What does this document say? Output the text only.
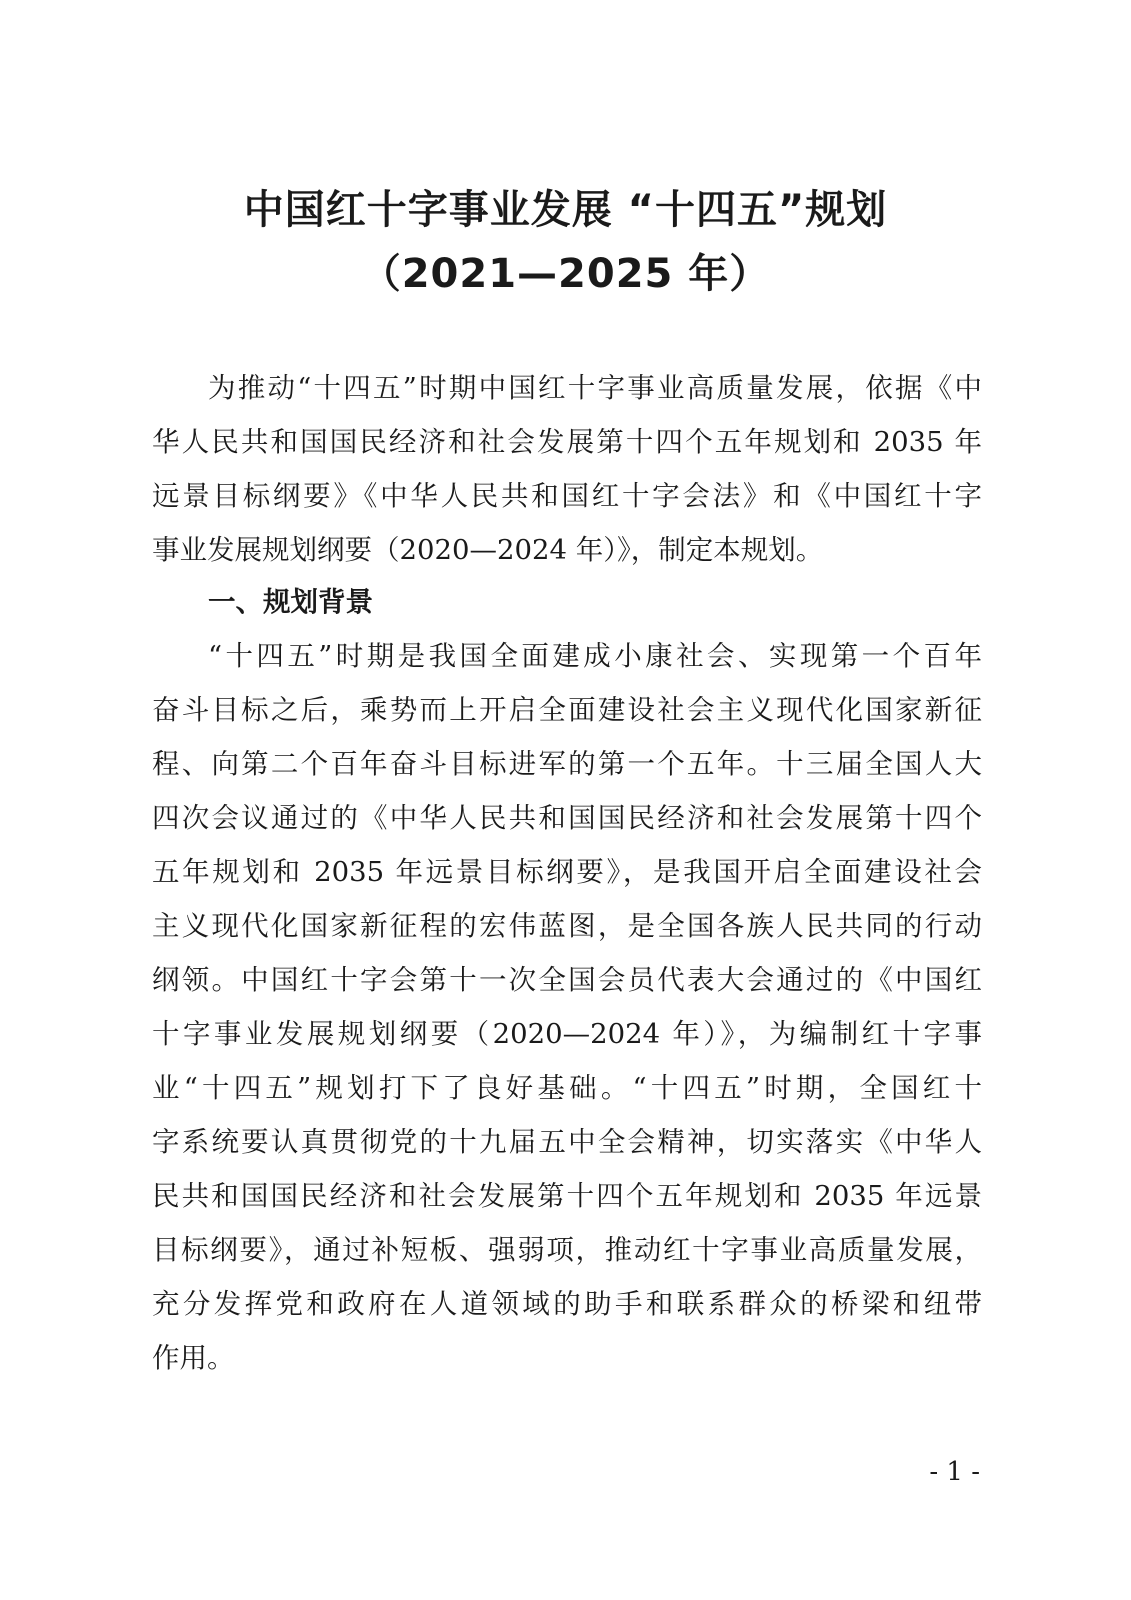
中国红十字事业发展 “十四五”规划
（2021—2025 年）
为推动“十四五”时期中国红十字事业高质量发展，依据《中
华人民共和国国民经济和社会发展第十四个五年规划和 2035 年
远景目标纲要》《中华人民共和国红十字会法》和《中国红十字
事业发展规划纲要（2020—2024 年）》，制定本规划。
一、规划背景
“十四五”时期是我国全面建成小康社会、实现第一个百年
奋斗目标之后，乘势而上开启全面建设社会主义现代化国家新征
程、向第二个百年奋斗目标进军的第一个五年。十三届全国人大
四次会议通过的《中华人民共和国国民经济和社会发展第十四个
五年规划和 2035 年远景目标纲要》，是我国开启全面建设社会
主义现代化国家新征程的宏伟蓝图，是全国各族人民共同的行动
纲领。中国红十字会第十一次全国会员代表大会通过的《中国红
十字事业发展规划纲要（2020—2024 年）》，为编制红十字事
业“十四五”规划打下了良好基础。“十四五”时期，全国红十
字系统要认真贯彻党的十九届五中全会精神，切实落实《中华人
民共和国国民经济和社会发展第十四个五年规划和 2035 年远景
目标纲要》，通过补短板、强弱项，推动红十字事业高质量发展，
充分发挥党和政府在人道领域的助手和联系群众的桥梁和纽带
作用。
- 1 -
